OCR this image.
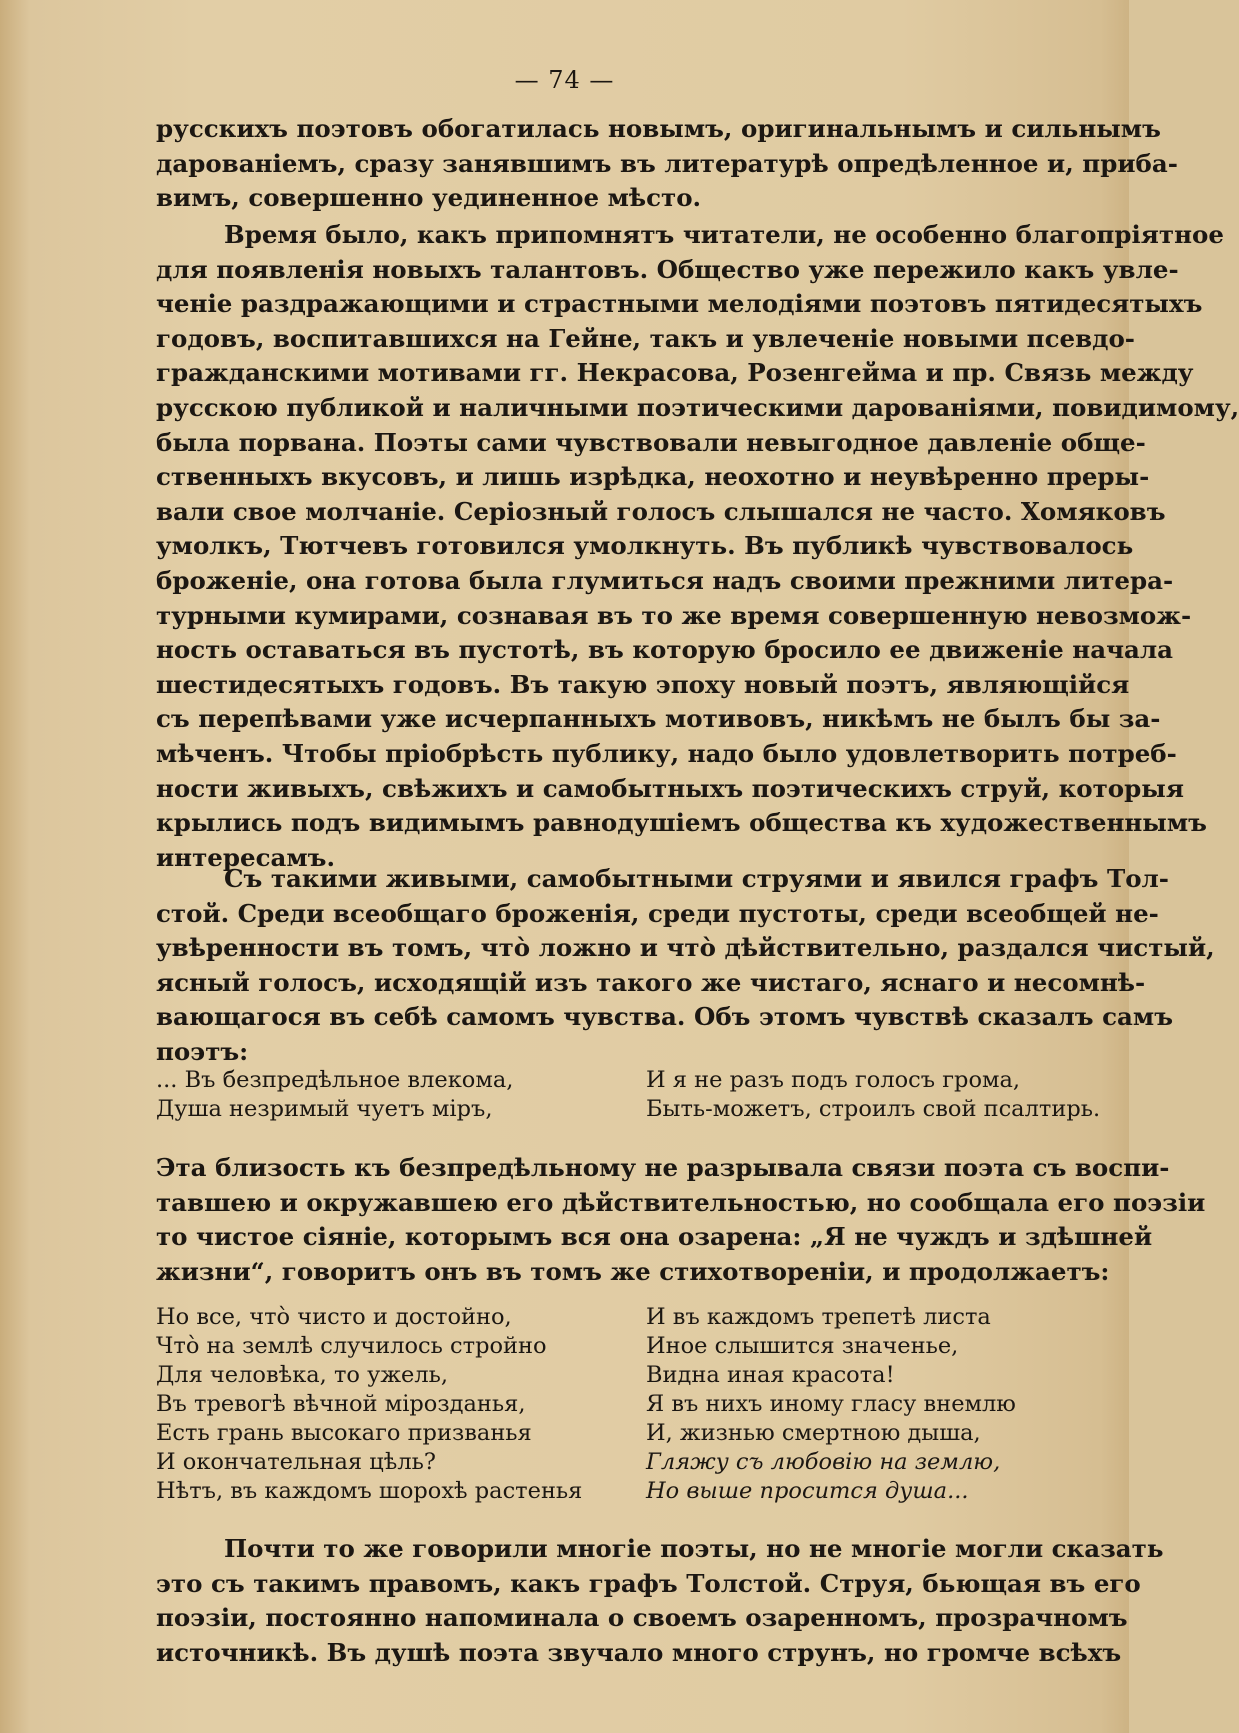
— 74 —
русскихъ поэтовъ обогатилась новымъ, оригинальнымъ и сильнымъ
дарованіемъ, сразу занявшимъ въ литературѣ опредѣленное и, приба-
вимъ, совершенно уединенное мѣсто.
Время было, какъ припомнятъ читатели, не особенно благопріятное
для появленія новыхъ талантовъ. Общество уже пережило какъ увле-
ченіе раздражающими и страстными мелодіями поэтовъ пятидесятыхъ
годовъ, воспитавшихся на Гейне, такъ и увлеченіе новыми псевдо-
гражданскими мотивами гг. Некрасова, Розенгейма и пр. Связь между
русскою публикой и наличными поэтическими дарованіями, повидимому,
была порвана. Поэты сами чувствовали невыгодное давленіе обще-
ственныхъ вкусовъ, и лишь изрѣдка, неохотно и неувѣренно преры-
вали свое молчаніе. Серіозный голосъ слышался не часто. Хомяковъ
умолкъ, Тютчевъ готовился умолкнуть. Въ публикѣ чувствовалось
броженіе, она готова была глумиться надъ своими прежними литера-
турными кумирами, сознавая въ то же время совершенную невозмож-
ность оставаться въ пустотѣ, въ которую бросило ее движеніе начала
шестидесятыхъ годовъ. Въ такую эпоху новый поэтъ, являющійся
съ перепѣвами уже исчерпанныхъ мотивовъ, никѣмъ не былъ бы за-
мѣченъ. Чтобы пріобрѣсть публику, надо было удовлетворить потреб-
ности живыхъ, свѣжихъ и самобытныхъ поэтическихъ струй, которыя
крылись подъ видимымъ равнодушіемъ общества къ художественнымъ
интересамъ.
Съ такими живыми, самобытными струями и явился графъ Тол-
стой. Среди всеобщаго броженія, среди пустоты, среди всеобщей не-
увѣренности въ томъ, что̀ ложно и что̀ дѣйствительно, раздался чистый,
ясный голосъ, исходящій изъ такого же чистаго, яснаго и несомнѣ-
вающагося въ себѣ самомъ чувства. Объ этомъ чувствѣ сказалъ самъ
поэтъ:
... Въ безпредѣльное влекома,
Душа незримый чуетъ міръ,
И я не разъ подъ голосъ грома,
Быть-можетъ, строилъ свой псалтирь.
Эта близость къ безпредѣльному не разрывала связи поэта съ воспи-
тавшею и окружавшею его дѣйствительностью, но сообщала его поэзіи
то чистое сіяніе, которымъ вся она озарена: „Я не чуждъ и здѣшней
жизни“, говоритъ онъ въ томъ же стихотвореніи, и продолжаетъ:
Но все, что̀ чисто и достойно,
Что̀ на землѣ случилось стройно
Для человѣка, то ужель,
Въ тревогѣ вѣчной мірозданья,
Есть грань высокаго призванья
И окончательная цѣль?
Нѣтъ, въ каждомъ шорохѣ растенья
И въ каждомъ трепетѣ листа
Иное слышится значенье,
Видна иная красота!
Я въ нихъ иному гласу внемлю
И, жизнью смертною дыша,
Гляжу съ любовію на землю,
Но выше просится душа...
Почти то же говорили многіе поэты, но не многіе могли сказать
это съ такимъ правомъ, какъ графъ Толстой. Струя, бьющая въ его
поэзіи, постоянно напоминала о своемъ озаренномъ, прозрачномъ
источникѣ. Въ душѣ поэта звучало много струнъ, но громче всѣхъ
